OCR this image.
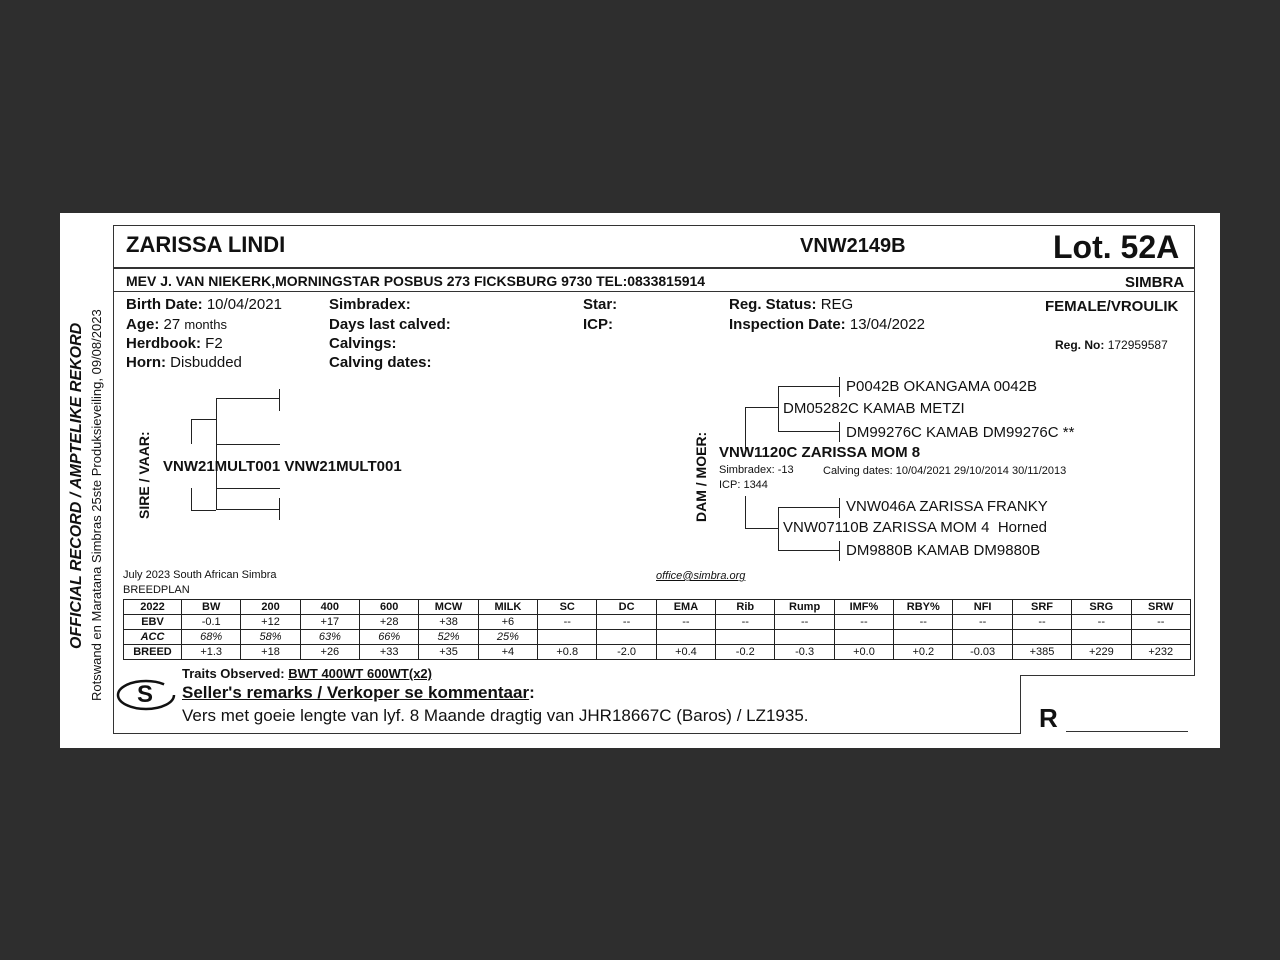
OFFICIAL RECORD / AMPTELIKE REKORD Rotswand en Maratana Simbras 25ste Produksieveiling, 09/08/2023
ZARISSA LINDI	VNW2149B	Lot. 52A
MEV J. VAN NIEKERK,MORNINGSTAR POSBUS 273 FICKSBURG 9730 TEL:0833815914	SIMBRA
Birth Date: 10/04/2021
Age: 27 months
Herdbook: F2
Horn: Disbudded
Simbradex:
Days last calved:
Calvings:
Calving dates:
Star:
ICP:
Reg. Status: REG
Inspection Date: 13/04/2022
FEMALE/VROULIK
Reg. No: 172959587
SIRE / VAAR: VNW21MULT001 VNW21MULT001	DAM / MOER:
P0042B OKANGAMA 0042B
DM05282C KAMAB METZI
DM99276C KAMAB DM99276C **
VNW1120C ZARISSA MOM 8
Simbradex: -13	Calving dates: 10/04/2021 29/10/2014 30/11/2013
ICP: 1344
VNW046A ZARISSA FRANKY
VNW07110B ZARISSA MOM 4 Horned
DM9880B KAMAB DM9880B
July 2023 South African Simbra
BREEDPLAN
office@simbra.org
2022	BW	200	400	600	MCW	MILK	SC	DC	EMA	Rib	Rump	IMF%	RBY%	NFI	SRF	SRG	SRW
EBV	-0.1	+12	+17	+28	+38	+6	--	--	--	--	--	--	--	--	--	--	--
ACC	68%	58%	63%	66%	52%	25%											
BREED	+1.3	+18	+26	+33	+35	+4	+0.8	-2.0	+0.4	-0.2	-0.3	+0.0	+0.2	-0.03	+385	+229	+232
Traits Observed: BWT 400WT 600WT(x2)
S Seller's remarks / Verkoper se kommentaar:
Vers met goeie lengte van lyf. 8 Maande dragtig van JHR18667C (Baros) / LZ1935.	R
